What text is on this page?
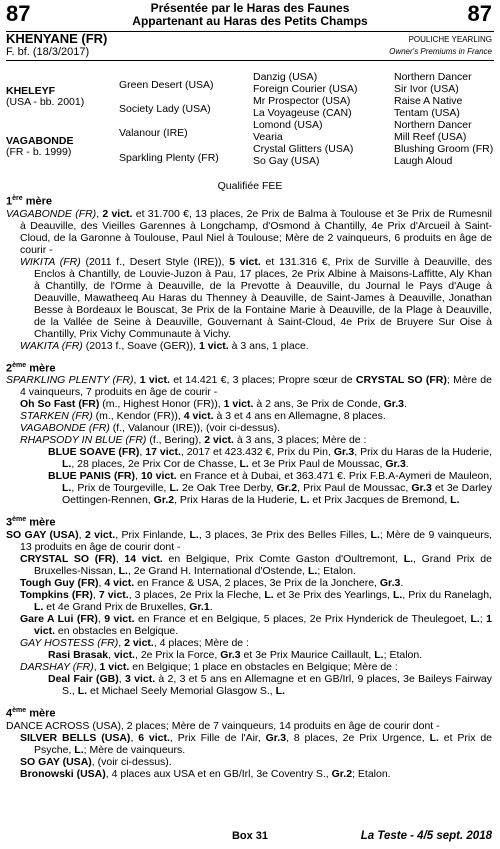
87	87
Présentée par le Haras des Faunes
Appartenant au Haras des Petits Champs
KHENYANE (FR)
F. bf. (18/3/2017)
POULICHE YEARLING
Owner's Premiums in France
KHELEYF
(USA - bb. 2001)
VAGABONDE
(FR - b. 1999)
Green Desert (USA)
Society Lady (USA)
Valanour (IRE)
Sparkling Plenty (FR)
Danzig (USA)
Foreign Courier (USA)
Mr Prospector (USA)
La Voyageuse (CAN)
Lomond (USA)
Vearia
Crystal Glitters (USA)
So Gay (USA)
Northern Dancer
Sir Ivor (USA)
Raise A Native
Tentam (USA)
Northern Dancer
Mill Reef (USA)
Blushing Groom (FR)
Laugh Aloud
Qualifiée FEE
1ère mère
VAGABONDE (FR), 2 vict. et 31.700 €, 13 places, 2e Prix de Balma à Toulouse et 3e Prix de Rumesnil à Deauville, des Vieilles Garennes à Longchamp, d'Osmond à Chantilly, 4e Prix d'Arcueil à Saint-Cloud, de la Garonne à Toulouse, Paul Niel à Toulouse; Mère de 2 vainqueurs, 6 produits en âge de courir -
WIKITA (FR) (2011 f., Desert Style (IRE)), 5 vict. et 131.316 €, Prix de Surville à Deauville, des Enclos à Chantilly, de Louvie-Juzon à Pau, 17 places, 2e Prix Albine à Maisons-Laffitte, Aly Khan à Chantilly, de l'Orme à Deauville, de la Prevotte à Deauville, du Journal le Pays d'Auge à Deauville, Mawatheeq Au Haras du Thenney à Deauville, de Saint-James à Deauville, Jonathan Besse à Bordeaux le Bouscat, 3e Prix de la Fontaine Marie à Deauville, de la Plage à Deauville, de la Vallée de Seine à Deauville, Gouvernant à Saint-Cloud, 4e Prix de Bruyere Sur Oise à Chantilly, Prix Vichy Communaute à Vichy.
WAKITA (FR) (2013 f., Soave (GER)), 1 vict. à 3 ans, 1 place.
2ème mère
SPARKLING PLENTY (FR), 1 vict. et 14.421 €, 3 places; Propre sœur de CRYSTAL SO (FR); Mère de 4 vainqueurs, 7 produits en âge de courir -
Oh So Fast (FR) (m., Highest Honor (FR)), 1 vict. à 2 ans, 3e Prix de Conde, Gr.3.
STARKEN (FR) (m., Kendor (FR)), 4 vict. à 3 et 4 ans en Allemagne, 8 places.
VAGABONDE (FR) (f., Valanour (IRE)), (voir ci-dessus).
RHAPSODY IN BLUE (FR) (f., Bering), 2 vict. à 3 ans, 3 places; Mère de :
BLUE SOAVE (FR), 17 vict., 2017 et 423.432 €, Prix du Pin, Gr.3, Prix du Haras de la Huderie, L., 28 places, 2e Prix Cor de Chasse, L. et 3e Prix Paul de Moussac, Gr.3.
BLUE PANIS (FR), 10 vict. en France et à Dubai, et 363.471 €. Prix F.B.A-Aymeri de Mauleon, L., Prix de Tourgeville, L. 2e Oak Tree Derby, Gr.2, Prix Paul de Moussac, Gr.3 et 3e Darley Oettingen-Rennen, Gr.2, Prix Haras de la Huderie, L. et Prix Jacques de Bremond, L.
3ème mère
SO GAY (USA), 2 vict., Prix Finlande, L., 3 places, 3e Prix des Belles Filles, L.; Mère de 9 vainqueurs, 13 produits en âge de courir dont -
CRYSTAL SO (FR), 14 vict. en Belgique, Prix Comte Gaston d'Oultremont, L., Grand Prix de Bruxelles-Nissan, L., 2e Grand H. International d'Ostende, L.; Etalon.
Tough Guy (FR), 4 vict. en France & USA, 2 places, 3e Prix de la Jonchere, Gr.3.
Tompkins (FR), 7 vict., 3 places, 2e Prix la Fleche, L. et 3e Prix des Yearlings, L., Prix du Ranelagh, L. et 4e Grand Prix de Bruxelles, Gr.1.
Gare A Lui (FR), 9 vict. en France et en Belgique, 5 places, 2e Prix Hynderick de Theulegoet, L.; 1 vict. en obstacles en Belgique.
GAY HOSTESS (FR), 2 vict., 4 places; Mère de :
Rasi Brasak, vict., 2e Prix la Force, Gr.3 et 3e Prix Maurice Caillault, L.; Etalon.
DARSHAY (FR), 1 vict. en Belgique; 1 place en obstacles en Belgique; Mère de :
Deal Fair (GB), 3 vict. à 2, 3 et 5 ans en Allemagne et en GB/Irl, 9 places, 3e Baileys Fairway S., L. et Michael Seely Memorial Glasgow S., L.
4ème mère
DANCE ACROSS (USA), 2 places; Mère de 7 vainqueurs, 14 produits en âge de courir dont -
SILVER BELLS (USA), 6 vict., Prix Fille de l'Air, Gr.3, 8 places, 2e Prix Urgence, L. et Prix de Psyche, L.; Mère de vainqueurs.
SO GAY (USA), (voir ci-dessus).
Bronowski (USA), 4 places aux USA et en GB/Irl, 3e Coventry S., Gr.2; Etalon.
Box 31	La Teste - 4/5 sept. 2018
